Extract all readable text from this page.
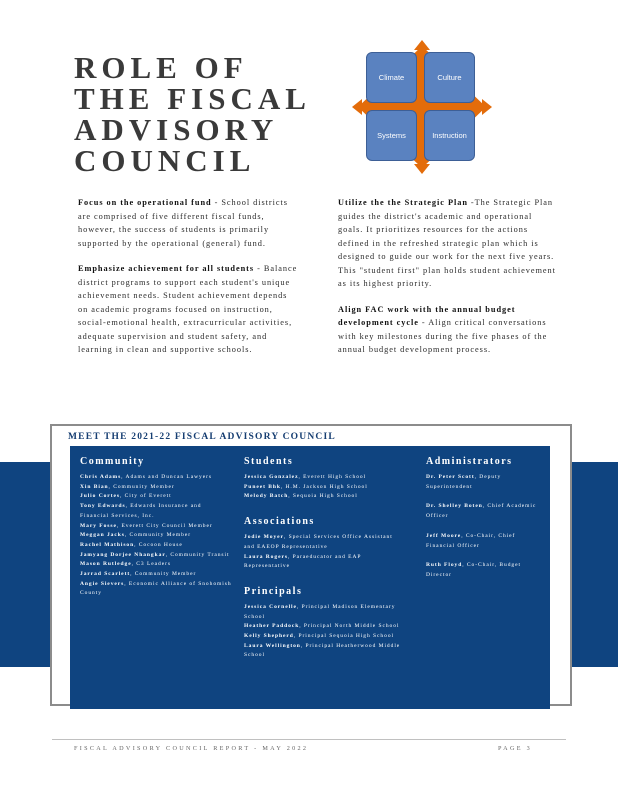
ROLE OF
THE FISCAL
ADVISORY
COUNCIL
Climate	Culture
Systems	Instruction

Focus on the operational fund - School districts are comprised of five different fiscal funds, however, the success of students is primarily supported by the operational (general) fund.

Emphasize achievement for all students - Balance district programs to support each student's unique achievement needs. Student achievement depends on academic programs focused on instruction, social-emotional health, extracurricular activities, adequate supervision and student safety, and learning in clean and supportive schools.

Utilize the the Strategic Plan -The Strategic Plan guides the district's academic and operational goals. It prioritizes resources for the actions defined in the refreshed strategic plan which is designed to guide our work for the next five years. This "student first" plan holds student achievement as its highest priority.

Align FAC work with the annual budget development cycle - Align critical conversations with key milestones during the five phases of the annual budget development process.

MEET THE 2021-22 FISCAL ADVISORY COUNCIL
Community
Chris Adams, Adams and Duncan Lawyers
Xin Bian, Community Member
Julio Cortes, City of Everett
Tony Edwards, Edwards Insurance and Financial Services, Inc.
Mary Fosse, Everett City Council Member
Meggan Jacks, Community Member
Rachel Mathison, Cocoon House
Jamyang Dorjee Nhangkar, Community Transit
Mason Rutledge, C3 Leaders
Jarrad Scarlett, Community Member
Angie Sievers, Economic Alliance of Snohomish County
Students
Jessica Gonzalez, Everett High School
Puneet Bhk, H.M. Jackson High School
Melody Batch, Sequoia High School
Associations
Jodie Moyer, Special Services Office Assistant and EAEOP Representative
Laura Rogers, Paraeducator and EAP Representative
Principals
Jessica Cornelle, Principal Madison Elementary School
Heather Paddock, Principal North Middle School
Kelly Shepherd, Principal Sequoia High School
Laura Wellington, Principal Heatherwood Middle School
Administrators
Dr. Peter Scott, Deputy Superintendent
Dr. Shelley Boten, Chief Academic Officer
Jeff Moore, Co-Chair, Chief Financial Officer
Ruth Floyd, Co-Chair, Budget Director
FISCAL ADVISORY COUNCIL REPORT - MAY 2022	PAGE 3
